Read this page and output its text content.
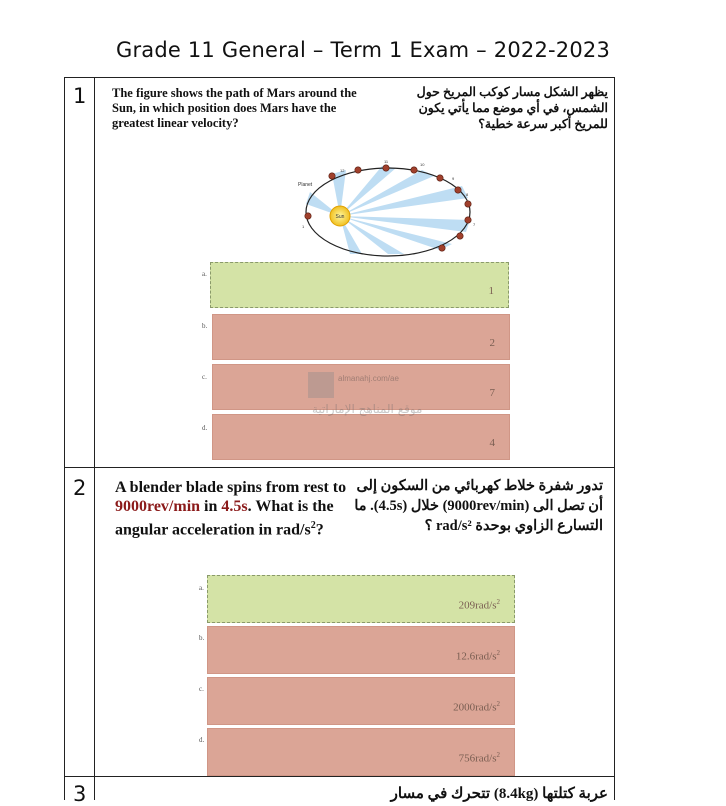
Grade 11 General – Term 1 Exam – 2022-2023
1 The figure shows the path of Mars around the Sun, in which position does Mars have the greatest linear velocity?
يظهر الشكل مسار كوكب المريخ حول الشمس، في أي موضع مما يأتي يكون للمريخ أكبر سرعة خطية؟
Sun
Planet
1
12
11
10
9
8
7
1
a.
2
b.
7
c.
4
d.
almanahj.com/ae
موقع المناهج الإماراتية
2 A blender blade spins from rest to 9000rev/min in 4.5s. What is the angular acceleration in rad/$s^2$?
تدور شفرة خلاط كهربائي من السكون إلى أن تصل الى (9000rev/min) خلال (4.5s). ما التسارع الزاوي بوحدة rad/s² ؟
$209rad/s^2$
a.
$12.6rad/s^2$
b.
$2000rad/s^2$
c.
$756rad/s^2$
d.
3	عربة كتلتها (8.4kg) تتحرك في مسار
